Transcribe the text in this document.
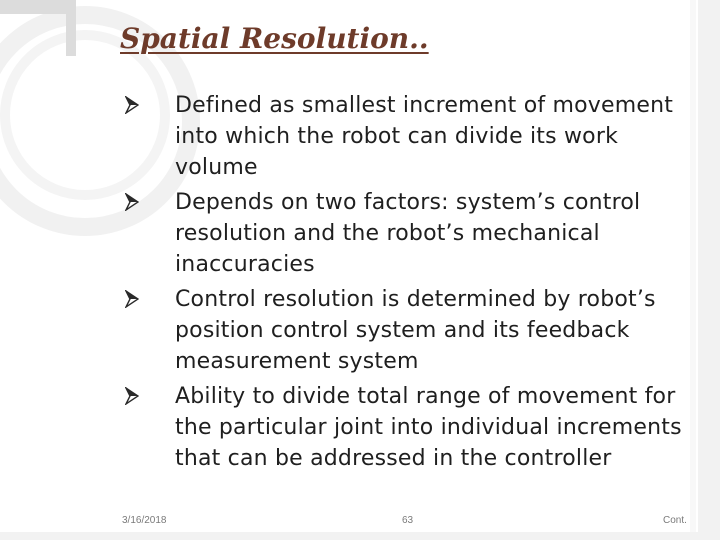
Spatial Resolution..
Defined as smallest increment of movement into which the robot can divide its work volume
Depends on two factors: system’s control resolution and the robot’s mechanical inaccuracies
Control resolution is determined by robot’s position control system and its feedback measurement system
Ability to divide total range of movement for the particular joint into individual increments that can be addressed in the controller
3/16/2018	63	Cont.
